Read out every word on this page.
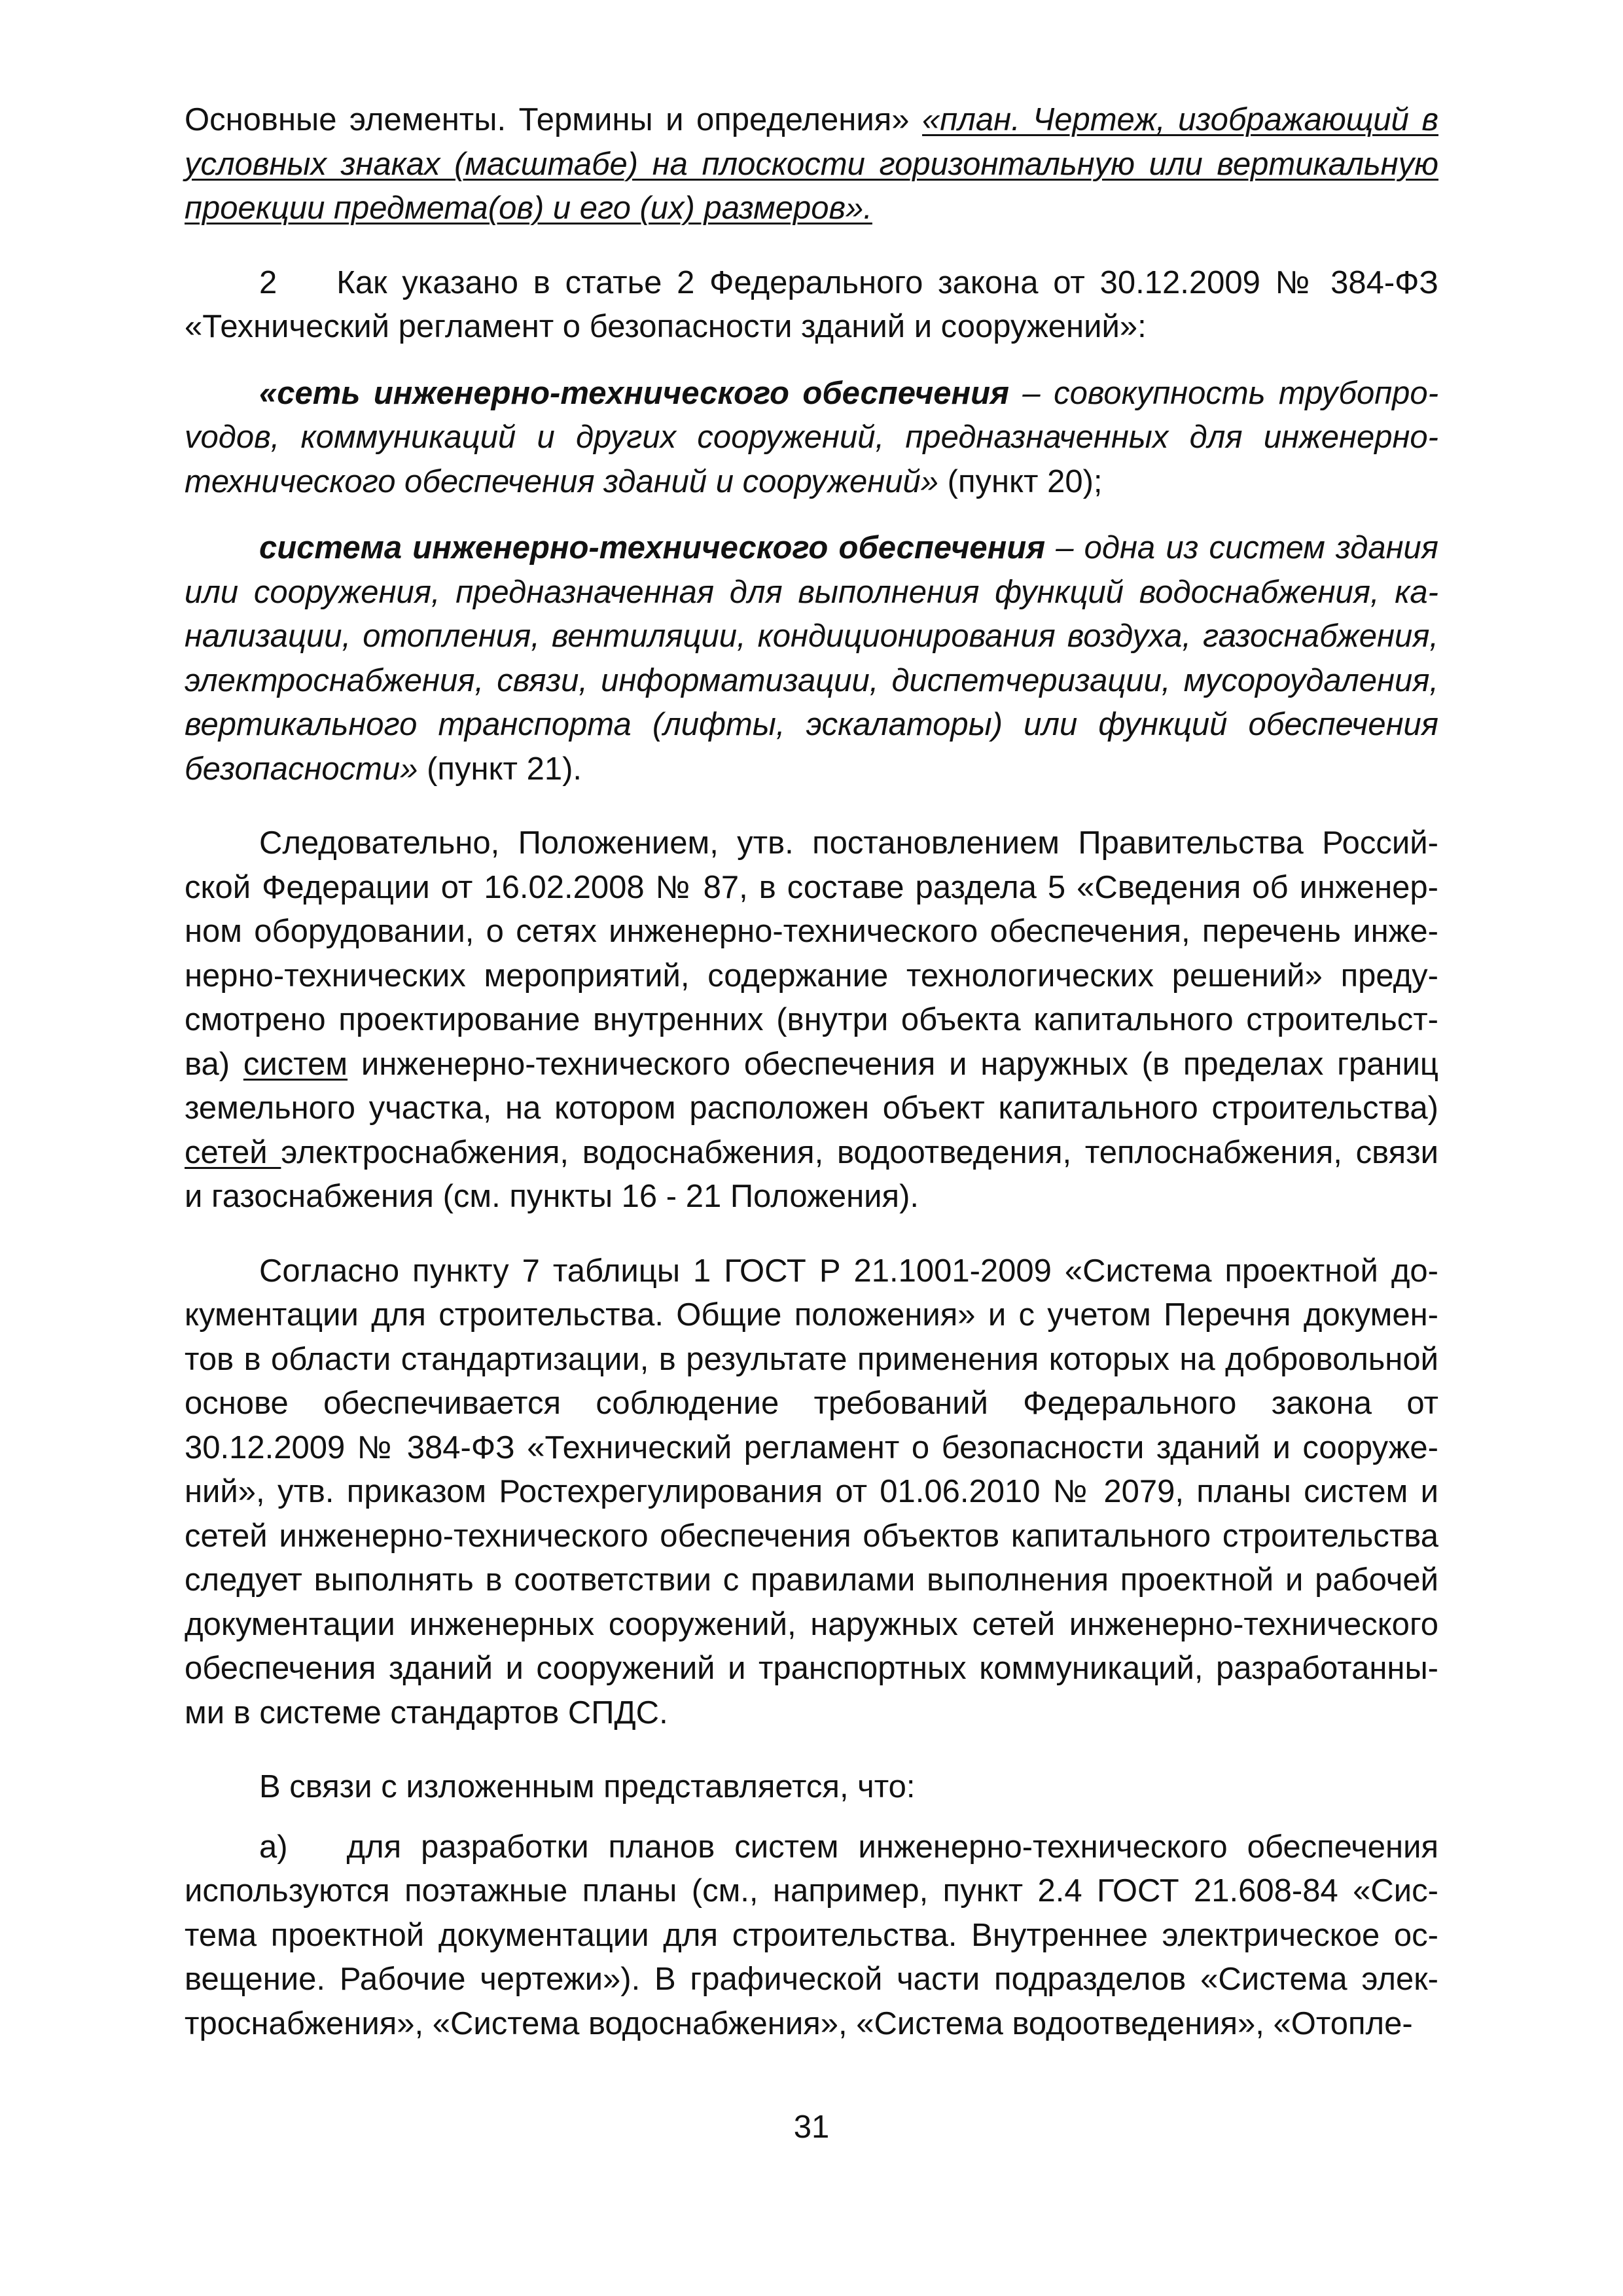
Основные элементы. Термины и определения» «план. Чертеж, изображающий в условных знаках (масштабе) на плоскости горизонтальную или вертикальную проекции предмета(ов) и его (их) размеров».

2    Как указано в статье 2 Федерального закона от 30.12.2009 № 384-ФЗ «Технический регламент о безопасности зданий и сооружений»:

«сеть инженерно-технического обеспечения – совокупность трубопроvодов, коммуникаций и других сооружений, предназначенных для инженерно-технического обеспечения зданий и сооружений» (пункт 20);

система инженерно-технического обеспечения – одна из систем здания или сооружения, предназначенная для выполнения функций водоснабжения, канализации, отопления, вентиляции, кондиционирования воздуха, газоснабжения, электроснабжения, связи, информатизации, диспетчеризации, мусороудаления, вертикального транспорта (лифты, эскалаторы) или функций обеспечения безопасности» (пункт 21).

Следовательно, Положением, утв. постановлением Правительства Российской Федерации от 16.02.2008 № 87, в составе раздела 5 «Сведения об инженерном оборудовании, о сетях инженерно-технического обеспечения, перечень инженерно-технических мероприятий, содержание технологических решений» предусмотрено проектирование внутренних (внутри объекта капитального строительства) систем инженерно-технического обеспечения и наружных (в пределах границ земельного участка, на котором расположен объект капитального строительства) сетей электроснабжения, водоснабжения, водоотведения, теплоснабжения, связи и газоснабжения (см. пункты 16 - 21 Положения).

Согласно пункту 7 таблицы 1 ГОСТ Р 21.1001-2009 «Система проектной документации для строительства. Общие положения» и с учетом Перечня документов в области стандартизации, в результате применения которых на добровольной основе обеспечивается соблюдение требований Федерального закона от 30.12.2009 № 384-ФЗ «Технический регламент о безопасности зданий и сооружений», утв. приказом Ростехрегулирования от 01.06.2010 № 2079, планы систем и сетей инженерно-технического обеспечения объектов капитального строительства следует выполнять в соответствии с правилами выполнения проектной и рабочей документации инженерных сооружений, наружных сетей инженерно-технического обеспечения зданий и сооружений и транспортных коммуникаций, разработанными в системе стандартов СПДС.

В связи с изложенным представляется, что:

а)   для разработки планов систем инженерно-технического обеспечения используются поэтажные планы (см., например, пункт 2.4 ГОСТ 21.608-84 «Система проектной документации для строительства. Внутреннее электрическое освещение. Рабочие чертежи»). В графической части подразделов «Система электроснабжения», «Система водоснабжения», «Система водоотведения», «Отопле-

31
